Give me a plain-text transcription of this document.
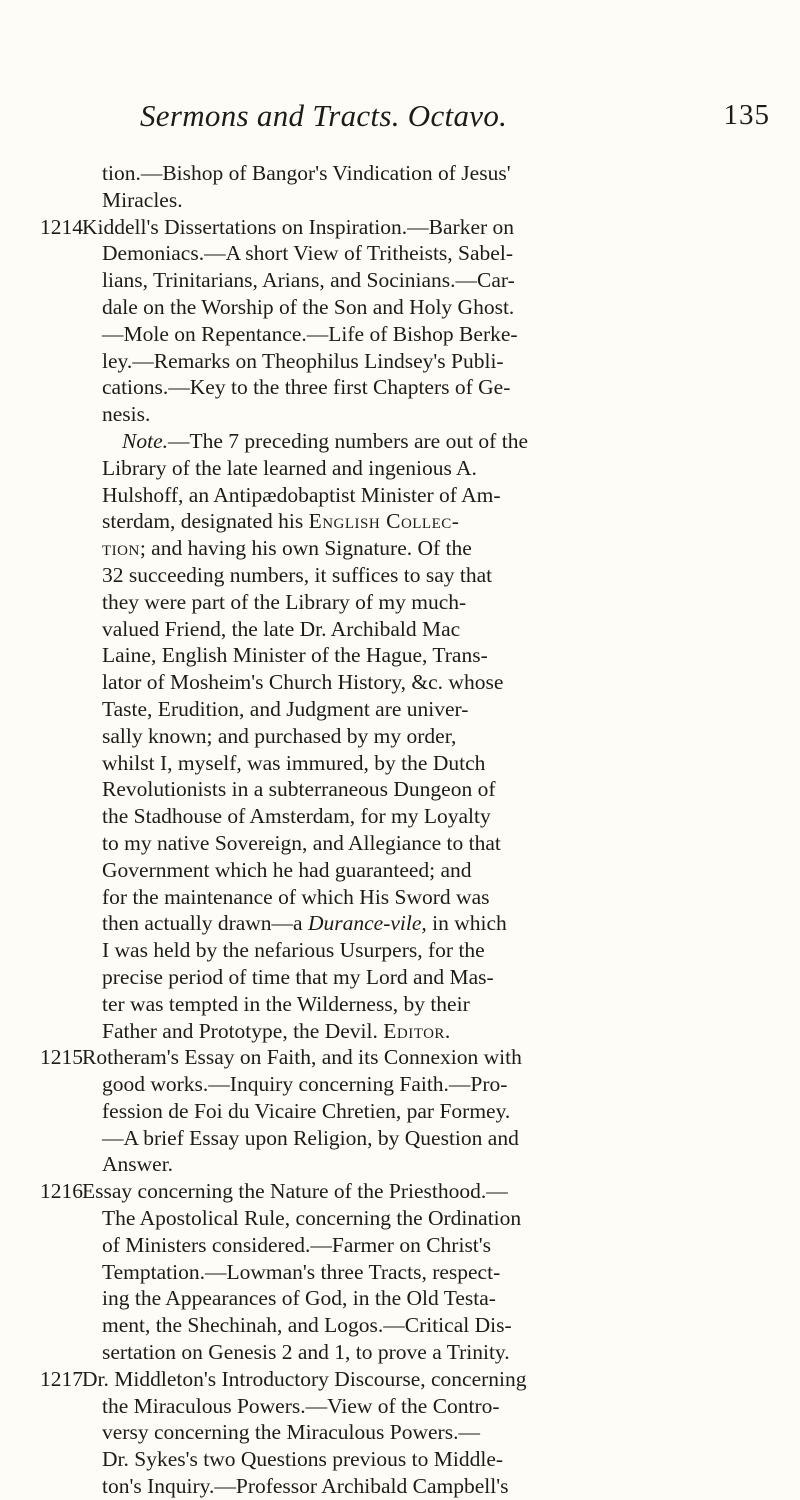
Sermons and Tracts. Octavo.	135
tion.—Bishop of Bangor's Vindication of Jesus'
Miracles.
1214 Kiddell's Dissertations on Inspiration.—Barker on
Demoniacs.—A short View of Tritheists, Sabel-
lians, Trinitarians, Arians, and Socinians.—Car-
dale on the Worship of the Son and Holy Ghost.
—Mole on Repentance.—Life of Bishop Berke-
ley.—Remarks on Theophilus Lindsey's Publi-
cations.—Key to the three first Chapters of Ge-
nesis.
Note.—The 7 preceding numbers are out of the
Library of the late learned and ingenious A.
Hulshoff, an Antipædobaptist Minister of Am-
sterdam, designated his English Collec-
tion; and having his own Signature. Of the
32 succeeding numbers, it suffices to say that
they were part of the Library of my much-
valued Friend, the late Dr. Archibald Mac
Laine, English Minister of the Hague, Trans-
lator of Mosheim's Church History, &c. whose
Taste, Erudition, and Judgment are univer-
sally known; and purchased by my order,
whilst I, myself, was immured, by the Dutch
Revolutionists in a subterraneous Dungeon of
the Stadhouse of Amsterdam, for my Loyalty
to my native Sovereign, and Allegiance to that
Government which he had guaranteed; and
for the maintenance of which His Sword was
then actually drawn—a Durance-vile, in which
I was held by the nefarious Usurpers, for the
precise period of time that my Lord and Mas-
ter was tempted in the Wilderness, by their
Father and Prototype, the Devil. Editor.
1215 Rotheram's Essay on Faith, and its Connexion with
good works.—Inquiry concerning Faith.—Pro-
fession de Foi du Vicaire Chretien, par Formey.
—A brief Essay upon Religion, by Question and
Answer.
1216 Essay concerning the Nature of the Priesthood.—
The Apostolical Rule, concerning the Ordination
of Ministers considered.—Farmer on Christ's
Temptation.—Lowman's three Tracts, respect-
ing the Appearances of God, in the Old Testa-
ment, the Shechinah, and Logos.—Critical Dis-
sertation on Genesis 2 and 1, to prove a Trinity.
1217 Dr. Middleton's Introductory Discourse, concerning
the Miraculous Powers.—View of the Contro-
versy concerning the Miraculous Powers.—
Dr. Sykes's two Questions previous to Middle-
ton's Inquiry.—Professor Archibald Campbell's
